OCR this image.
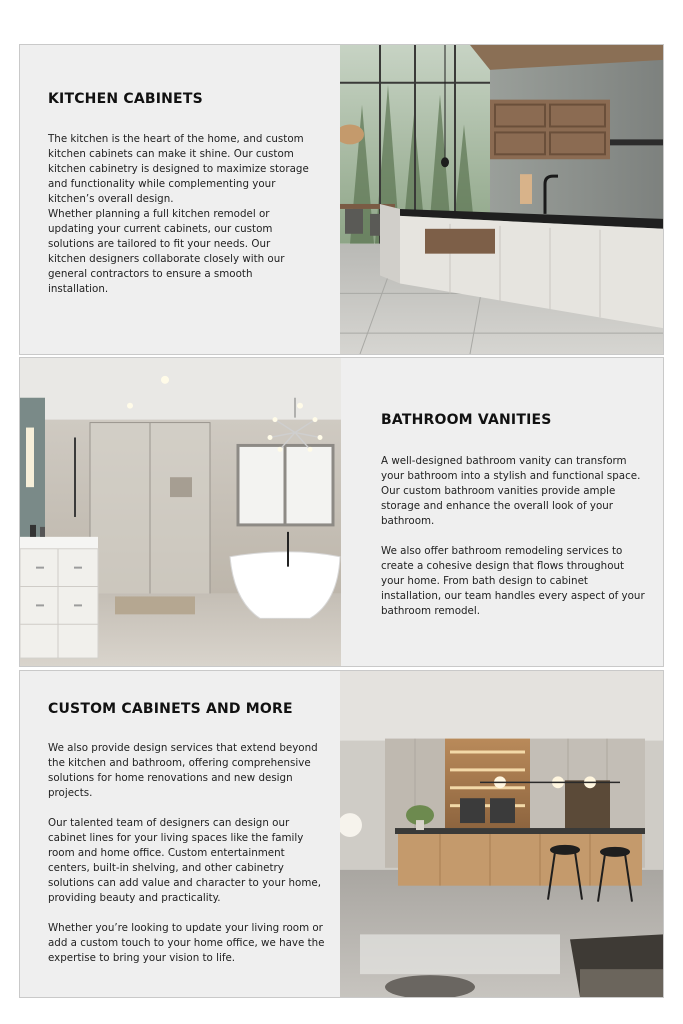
KITCHEN CABINETS

The kitchen is the heart of the home, and custom kitchen cabinets can make it shine. Our custom kitchen cabinetry is designed to maximize storage and functionality while complementing your kitchen’s overall design.

Whether planning a full kitchen remodel or updating your current cabinets, our custom solutions are tailored to fit your needs. Our kitchen designers collaborate closely with our general contractors to ensure a smooth installation.

BATHROOM VANITIES

A well-designed bathroom vanity can transform your bathroom into a stylish and functional space. Our custom bathroom vanities provide ample storage and enhance the overall look of your bathroom.

We also offer bathroom remodeling services to create a cohesive design that flows throughout your home. From bath design to cabinet installation, our team handles every aspect of your bathroom remodel.

CUSTOM CABINETS AND MORE

We also provide design services that extend beyond the kitchen and bathroom, offering comprehensive solutions for home renovations and new design projects.

Our talented team of designers can design our cabinet lines for your living spaces like the family room and home office. Custom entertainment centers, built-in shelving, and other cabinetry solutions can add value and character to your home, providing beauty and practicality.

Whether you’re looking to update your living room or add a custom touch to your home office, we have the expertise to bring your vision to life.
